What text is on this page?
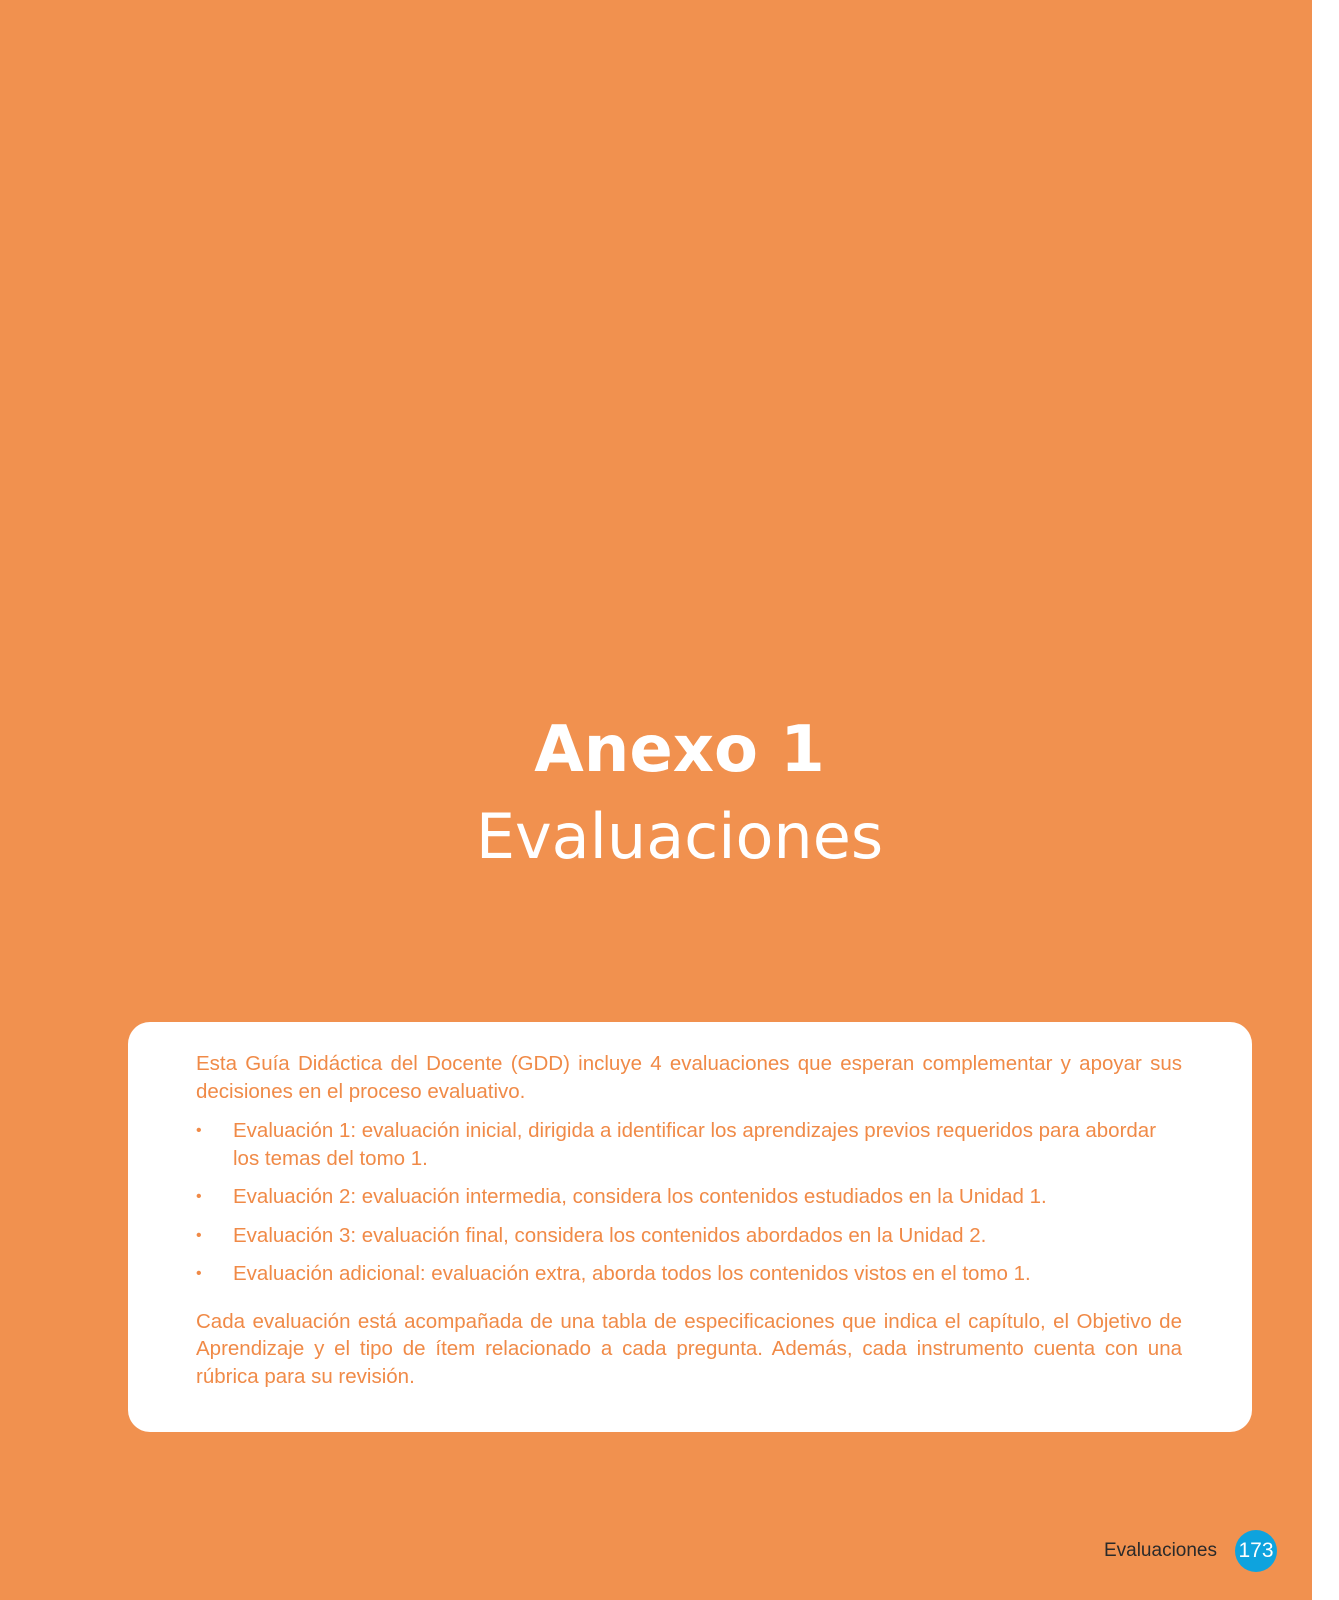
Anexo 1
Evaluaciones

Esta Guía Didáctica del Docente (GDD) incluye 4 evaluaciones que esperan complementar y apoyar sus decisiones en el proceso evaluativo.

• Evaluación 1: evaluación inicial, dirigida a identificar los aprendizajes previos requeridos para abordar los temas del tomo 1.
• Evaluación 2: evaluación intermedia, considera los contenidos estudiados en la Unidad 1.
• Evaluación 3: evaluación final, considera los contenidos abordados en la Unidad 2.
• Evaluación adicional: evaluación extra, aborda todos los contenidos vistos en el tomo 1.

Cada evaluación está acompañada de una tabla de especificaciones que indica el capítulo, el Objetivo de Aprendizaje y el tipo de ítem relacionado a cada pregunta. Además, cada instrumento cuenta con una rúbrica para su revisión.

Evaluaciones 173
